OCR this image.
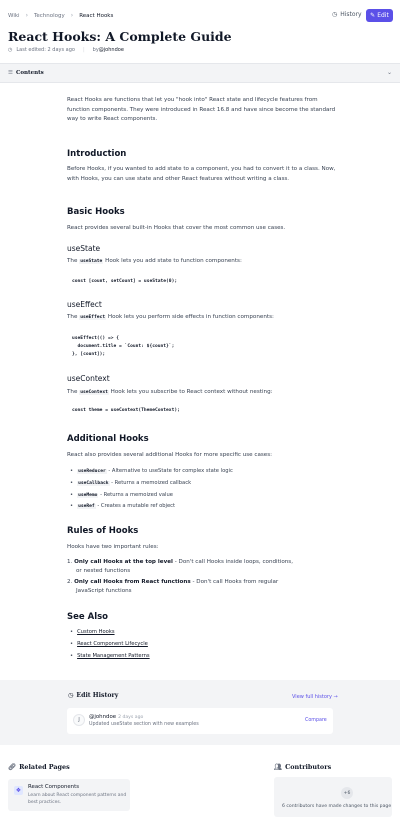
Wiki › Technology › React Hooks	◷ History ✎ Edit
React Hooks: A Complete Guide
◷ Last edited: 2 days ago | by @johndoe
☰ Contents	⌄
React Hooks are functions that let you "hook into" React state and lifecycle features from function components. They were introduced in React 16.8 and have since become the standard way to write React components.
Introduction
Before Hooks, if you wanted to add state to a component, you had to convert it to a class. Now, with Hooks, you can use state and other React features without writing a class.
Basic Hooks
React provides several built-in Hooks that cover the most common use cases.
useState
The useState Hook lets you add state to function components:
const [count, setCount] = useState(0);
useEffect
The useEffect Hook lets you perform side effects in function components:
useEffect(() => {
document.title = `Count: ${count}`;
}, [count]);
useContext
The useContext Hook lets you subscribe to React context without nesting:
const theme = useContext(ThemeContext);
Additional Hooks
React also provides several additional Hooks for more specific use cases:
• useReducer - Alternative to useState for complex state logic
• useCallback - Returns a memoized callback
• useMemo - Returns a memoized value
• useRef - Creates a mutable ref object
Rules of Hooks
Hooks have two important rules:
1. Only call Hooks at the top level - Don't call Hooks inside loops, conditions,
or nested functions
2. Only call Hooks from React functions - Don't call Hooks from regular
JavaScript functions
See Also
• Custom Hooks
• React Component Lifecycle
• State Management Patterns
◷ Edit History	View full history →
J	@johndoe 2 days ago
Updated useState section with new examples
Compare
🔗︎ Related Pages
❖	React Components
Learn about React component patterns and best practices.
👥︎ Contributors
+6
6 contributors have made changes to this page
